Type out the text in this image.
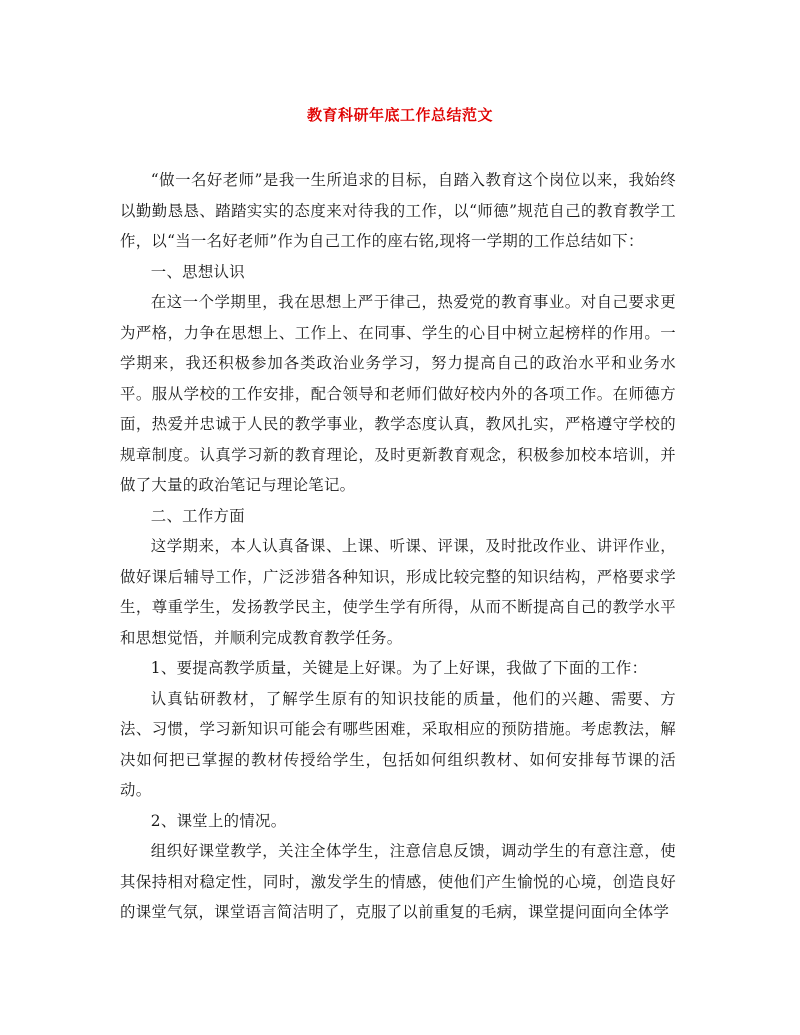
教育科研年底工作总结范文

“做一名好老师”是我一生所追求的目标，自踏入教育这个岗位以来，我始终以勤勤恳恳、踏踏实实的态度来对待我的工作，以“师德”规范自己的教育教学工作，以“当一名好老师”作为自己工作的座右铭,现将一学期的工作总结如下：

一、思想认识

在这一个学期里，我在思想上严于律己，热爱党的教育事业。对自己要求更为严格，力争在思想上、工作上、在同事、学生的心目中树立起榜样的作用。一学期来，我还积极参加各类政治业务学习，努力提高自己的政治水平和业务水平。服从学校的工作安排，配合领导和老师们做好校内外的各项工作。在师德方面，热爱并忠诚于人民的教学事业，教学态度认真，教风扎实，严格遵守学校的规章制度。认真学习新的教育理论，及时更新教育观念，积极参加校本培训，并做了大量的政治笔记与理论笔记。

二、工作方面

这学期来，本人认真备课、上课、听课、评课，及时批改作业、讲评作业，做好课后辅导工作，广泛涉猎各种知识，形成比较完整的知识结构，严格要求学生，尊重学生，发扬教学民主，使学生学有所得，从而不断提高自己的教学水平和思想觉悟，并顺利完成教育教学任务。

1、要提高教学质量，关键是上好课。为了上好课，我做了下面的工作：

认真钻研教材，了解学生原有的知识技能的质量，他们的兴趣、需要、方法、习惯，学习新知识可能会有哪些困难，采取相应的预防措施。考虑教法，解决如何把已掌握的教材传授给学生，包括如何组织教材、如何安排每节课的活动。

2、课堂上的情况。

组织好课堂教学，关注全体学生，注意信息反馈，调动学生的有意注意，使其保持相对稳定性，同时，激发学生的情感，使他们产生愉悦的心境，创造良好的课堂气氛，课堂语言简洁明了，克服了以前重复的毛病，课堂提问面向全体学
